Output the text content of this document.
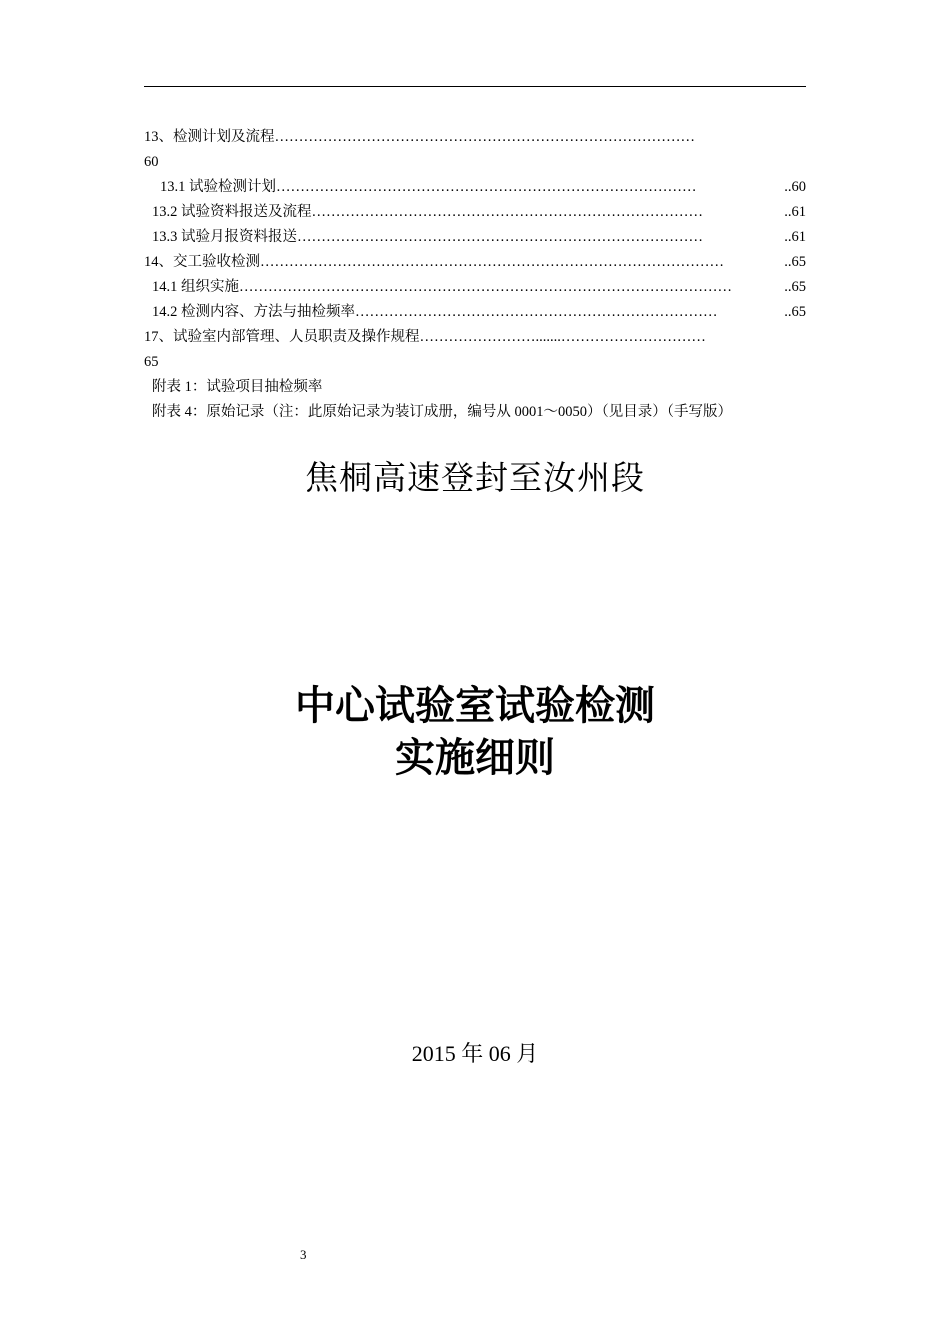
13、检测计划及流程 ……………………………………………………………………………
60
13.1 试验检测计划 ……………………………………………………………………………	..60
13.2 试验资料报送及流程 ………………………………………………………………………	..61
13.3 试验月报资料报送 …………………………………………………………………………	..61
14、交工验收检测 ……………………………………………………………………………………	..65
14.1 组织实施 …………………………………………………………………………………………	..65
14.2 检测内容、方法与抽检频率 …………………………………………………………………	..65
17、试验室内部管理、人员职责及操作规程 …………………….......…………………………
65
附表 1：试验项目抽检频率
附表 4：原始记录（注：此原始记录为装订成册，编号从 0001～0050）（见目录）（手写版）
焦桐高速登封至汝州段
中心试验室试验检测
实施细则
2015 年 06 月
3
